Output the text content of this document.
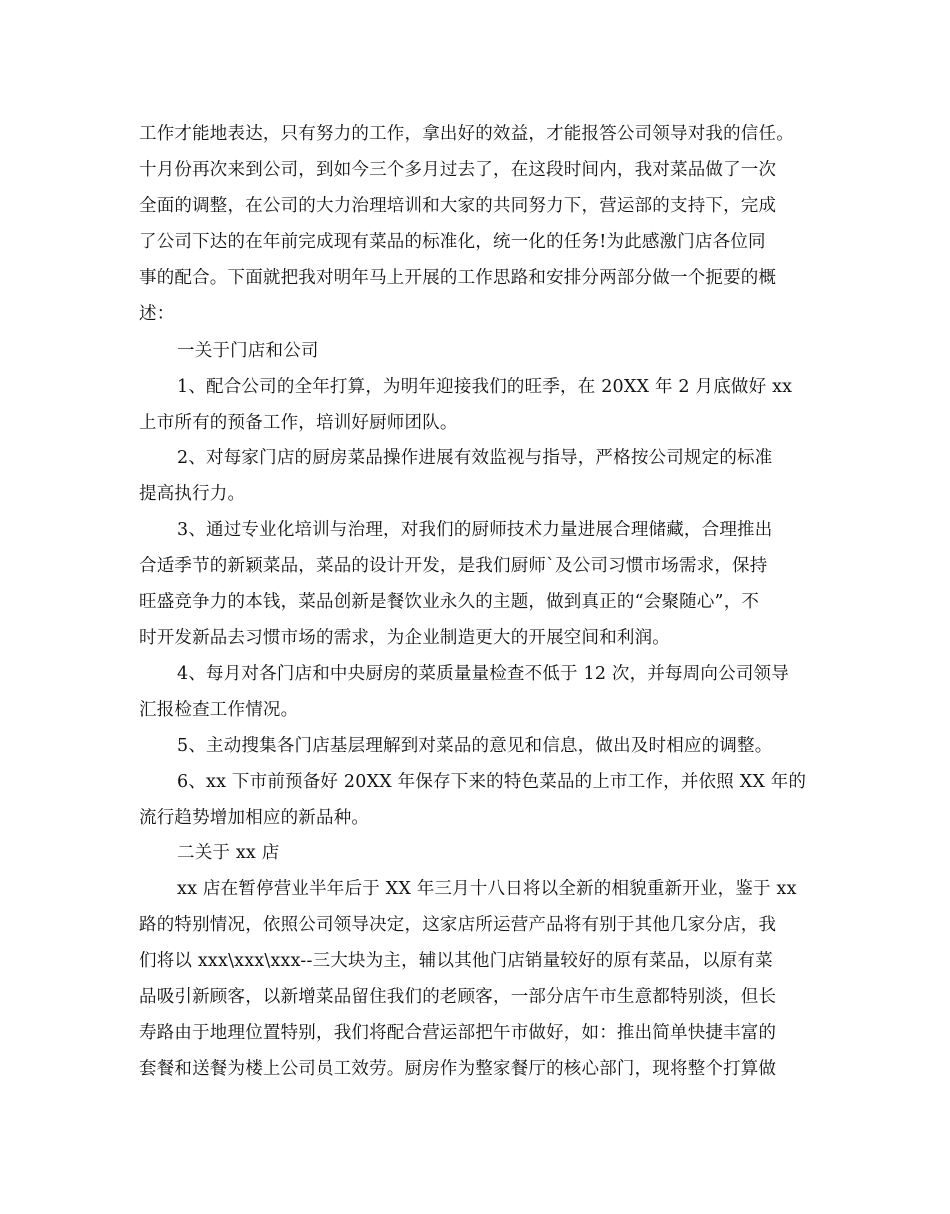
工作才能地表达，只有努力的工作，拿出好的效益，才能报答公司领导对我的信任。
十月份再次来到公司，到如今三个多月过去了，在这段时间内，我对菜品做了一次
全面的调整，在公司的大力治理培训和大家的共同努力下，营运部的支持下，完成
了公司下达的在年前完成现有菜品的标准化，统一化的任务!为此感激门店各位同
事的配合。下面就把我对明年马上开展的工作思路和安排分两部分做一个扼要的概
述：
一关于门店和公司
1、配合公司的全年打算，为明年迎接我们的旺季，在 20XX 年 2 月底做好 xx
上市所有的预备工作，培训好厨师团队。
2、对每家门店的厨房菜品操作进展有效监视与指导，严格按公司规定的标准
提高执行力。
3、通过专业化培训与治理，对我们的厨师技术力量进展合理储藏，合理推出
合适季节的新颖菜品，菜品的设计开发，是我们厨师`及公司习惯市场需求，保持
旺盛竞争力的本钱，菜品创新是餐饮业永久的主题，做到真正的“会聚随心”，不
时开发新品去习惯市场的需求，为企业制造更大的开展空间和利润。
4、每月对各门店和中央厨房的菜质量量检查不低于 12 次，并每周向公司领导
汇报检查工作情况。
5、主动搜集各门店基层理解到对菜品的意见和信息，做出及时相应的调整。
6、xx 下市前预备好 20XX 年保存下来的特色菜品的上市工作，并依照 XX 年的
流行趋势增加相应的新品种。
二关于 xx 店
xx 店在暂停营业半年后于 XX 年三月十八日将以全新的相貌重新开业，鉴于 xx
路的特别情况，依照公司领导决定，这家店所运营产品将有别于其他几家分店，我
们将以 xxx\xxx\xxx--三大块为主，辅以其他门店销量较好的原有菜品，以原有菜
品吸引新顾客，以新增菜品留住我们的老顾客，一部分店午市生意都特别淡，但长
寿路由于地理位置特别，我们将配合营运部把午市做好，如：推出简单快捷丰富的
套餐和送餐为楼上公司员工效劳。厨房作为整家餐厅的核心部门，现将整个打算做
